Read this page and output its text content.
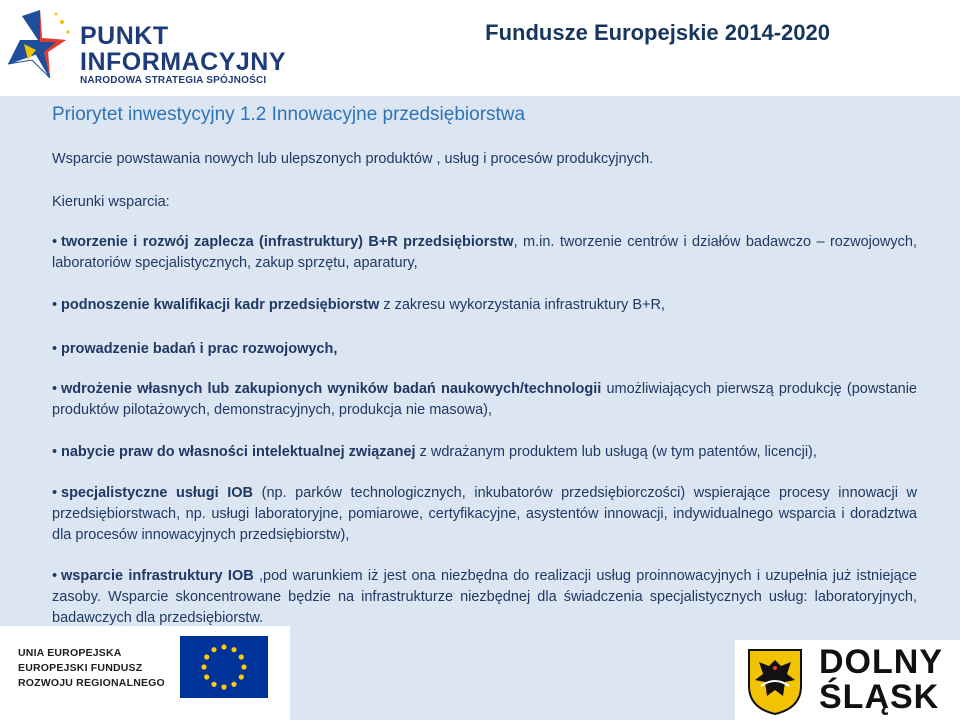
PUNKT
INFORMACYJNY
NARODOWA STRATEGIA SPÓJNOŚCI
Fundusze Europejskie 2014-2020
Priorytet inwestycyjny 1.2 Innowacyjne przedsiębiorstwa

Wsparcie powstawania nowych lub ulepszonych produktów , usług i procesów produkcyjnych.

Kierunki wsparcia:

• tworzenie i rozwój zaplecza (infrastruktury) B+R przedsiębiorstw, m.in. tworzenie centrów i działów badawczo – rozwojowych, laboratoriów specjalistycznych, zakup sprzętu, aparatury,

• podnoszenie kwalifikacji kadr przedsiębiorstw z zakresu wykorzystania infrastruktury B+R,

• prowadzenie badań i prac rozwojowych,

• wdrożenie własnych lub zakupionych wyników badań naukowych/technologii umożliwiających pierwszą produkcję (powstanie produktów pilotażowych, demonstracyjnych, produkcja nie masowa),

• nabycie praw do własności intelektualnej związanej z wdrażanym produktem lub usługą (w tym patentów, licencji),

• specjalistyczne usługi IOB (np. parków technologicznych, inkubatorów przedsiębiorczości) wspierające procesy innowacji w przedsiębiorstwach, np. usługi laboratoryjne, pomiarowe, certyfikacyjne, asystentów innowacji, indywidualnego wsparcia i doradztwa dla procesów innowacyjnych przedsiębiorstw),

• wsparcie infrastruktury IOB ,pod warunkiem iż jest ona niezbędna do realizacji usług proinnowacyjnych i uzupełnia już istniejące zasoby. Wsparcie skoncentrowane będzie na infrastrukturze niezbędnej dla świadczenia specjalistycznych usług: laboratoryjnych, badawczych dla przedsiębiorstw.

UNIA EUROPEJSKA
EUROPEJSKI FUNDUSZ
ROZWOJU REGIONALNEGO
DOLNY
ŚLĄSK
